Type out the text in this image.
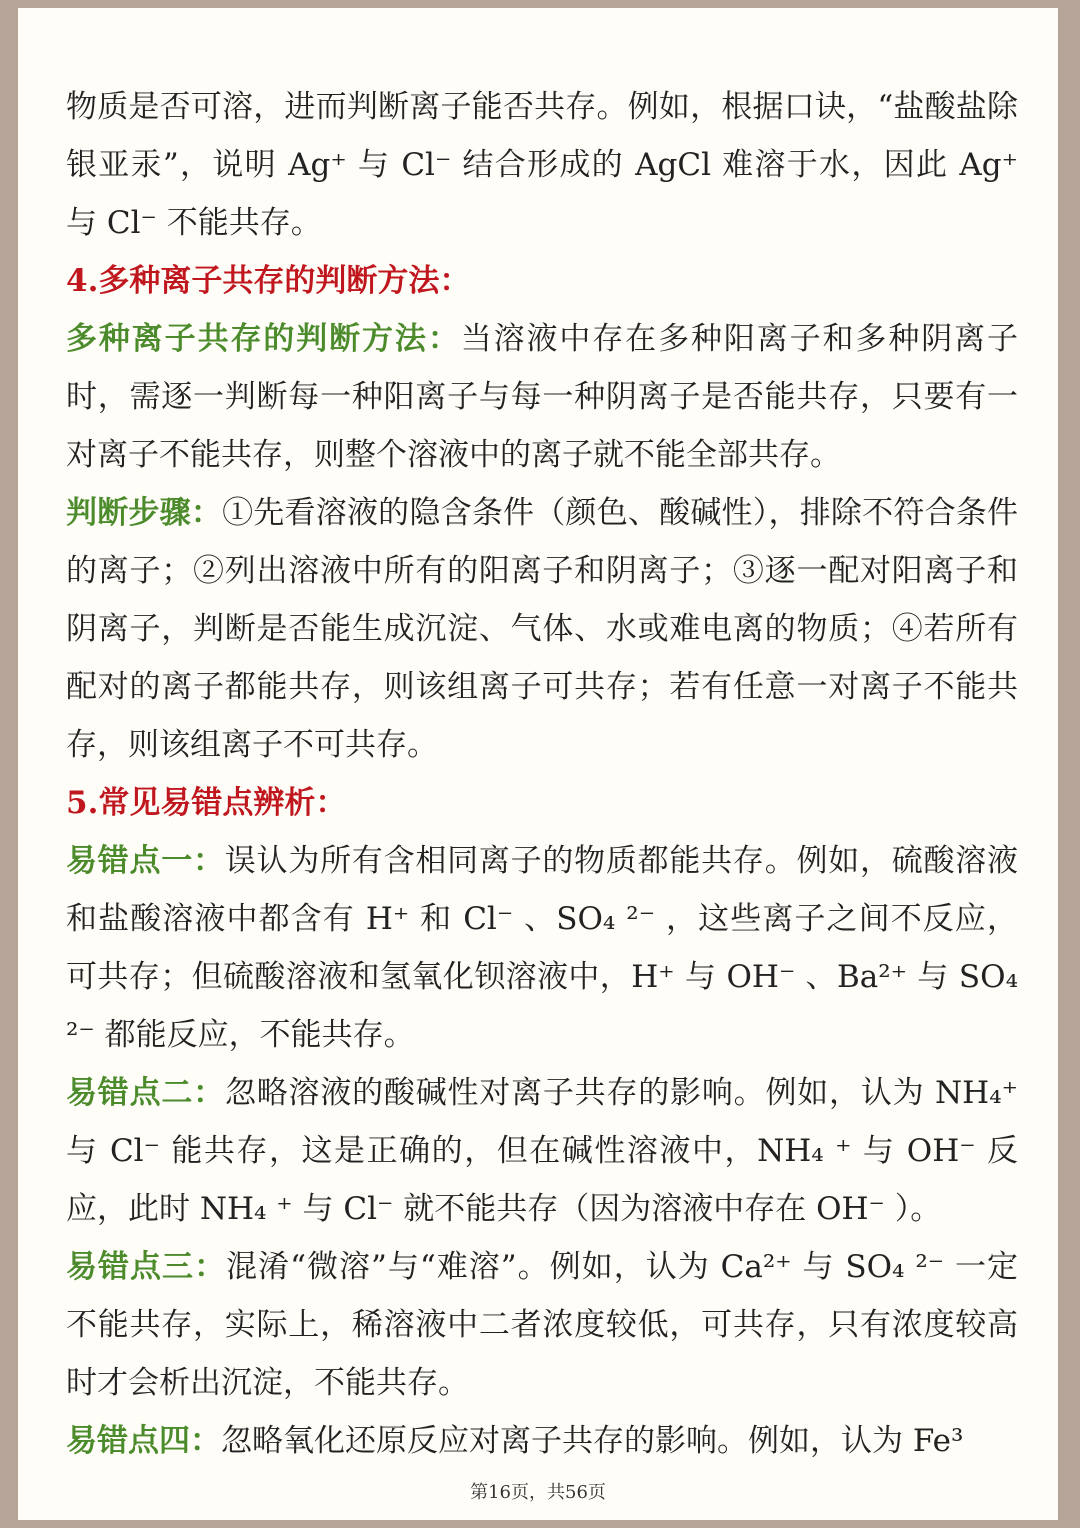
物质是否可溶，进而判断离子能否共存。例如，根据口诀，“盐酸盐除银亚汞”，说明 Ag⁺ 与 Cl⁻ 结合形成的 AgCl 难溶于水，因此 Ag⁺ 与 Cl⁻ 不能共存。

4.多种离子共存的判断方法：

多种离子共存的判断方法：当溶液中存在多种阳离子和多种阴离子时，需逐一判断每一种阳离子与每一种阴离子是否能共存，只要有一对离子不能共存，则整个溶液中的离子就不能全部共存。

判断步骤：①先看溶液的隐含条件（颜色、酸碱性），排除不符合条件的离子；②列出溶液中所有的阳离子和阴离子；③逐一配对阳离子和阴离子，判断是否能生成沉淀、气体、水或难电离的物质；④若所有配对的离子都能共存，则该组离子可共存；若有任意一对离子不能共存，则该组离子不可共存。

5.常见易错点辨析：

易错点一：误认为所有含相同离子的物质都能共存。例如，硫酸溶液和盐酸溶液中都含有 H⁺ 和 Cl⁻ 、SO₄ ²⁻ ，这些离子之间不反应，可共存；但硫酸溶液和氢氧化钡溶液中，H⁺ 与 OH⁻ 、Ba²⁺ 与 SO₄ ²⁻ 都能反应，不能共存。

易错点二：忽略溶液的酸碱性对离子共存的影响。例如，认为 NH₄⁺ 与 Cl⁻ 能共存，这是正确的，但在碱性溶液中，NH₄ ⁺ 与 OH⁻ 反应，此时 NH₄ ⁺ 与 Cl⁻ 就不能共存（因为溶液中存在 OH⁻ ）。

易错点三：混淆“微溶”与“难溶”。例如，认为 Ca²⁺ 与 SO₄ ²⁻ 一定不能共存，实际上，稀溶液中二者浓度较低，可共存，只有浓度较高时才会析出沉淀，不能共存。

易错点四：忽略氧化还原反应对离子共存的影响。例如，认为 Fe³

第16页，共56页
